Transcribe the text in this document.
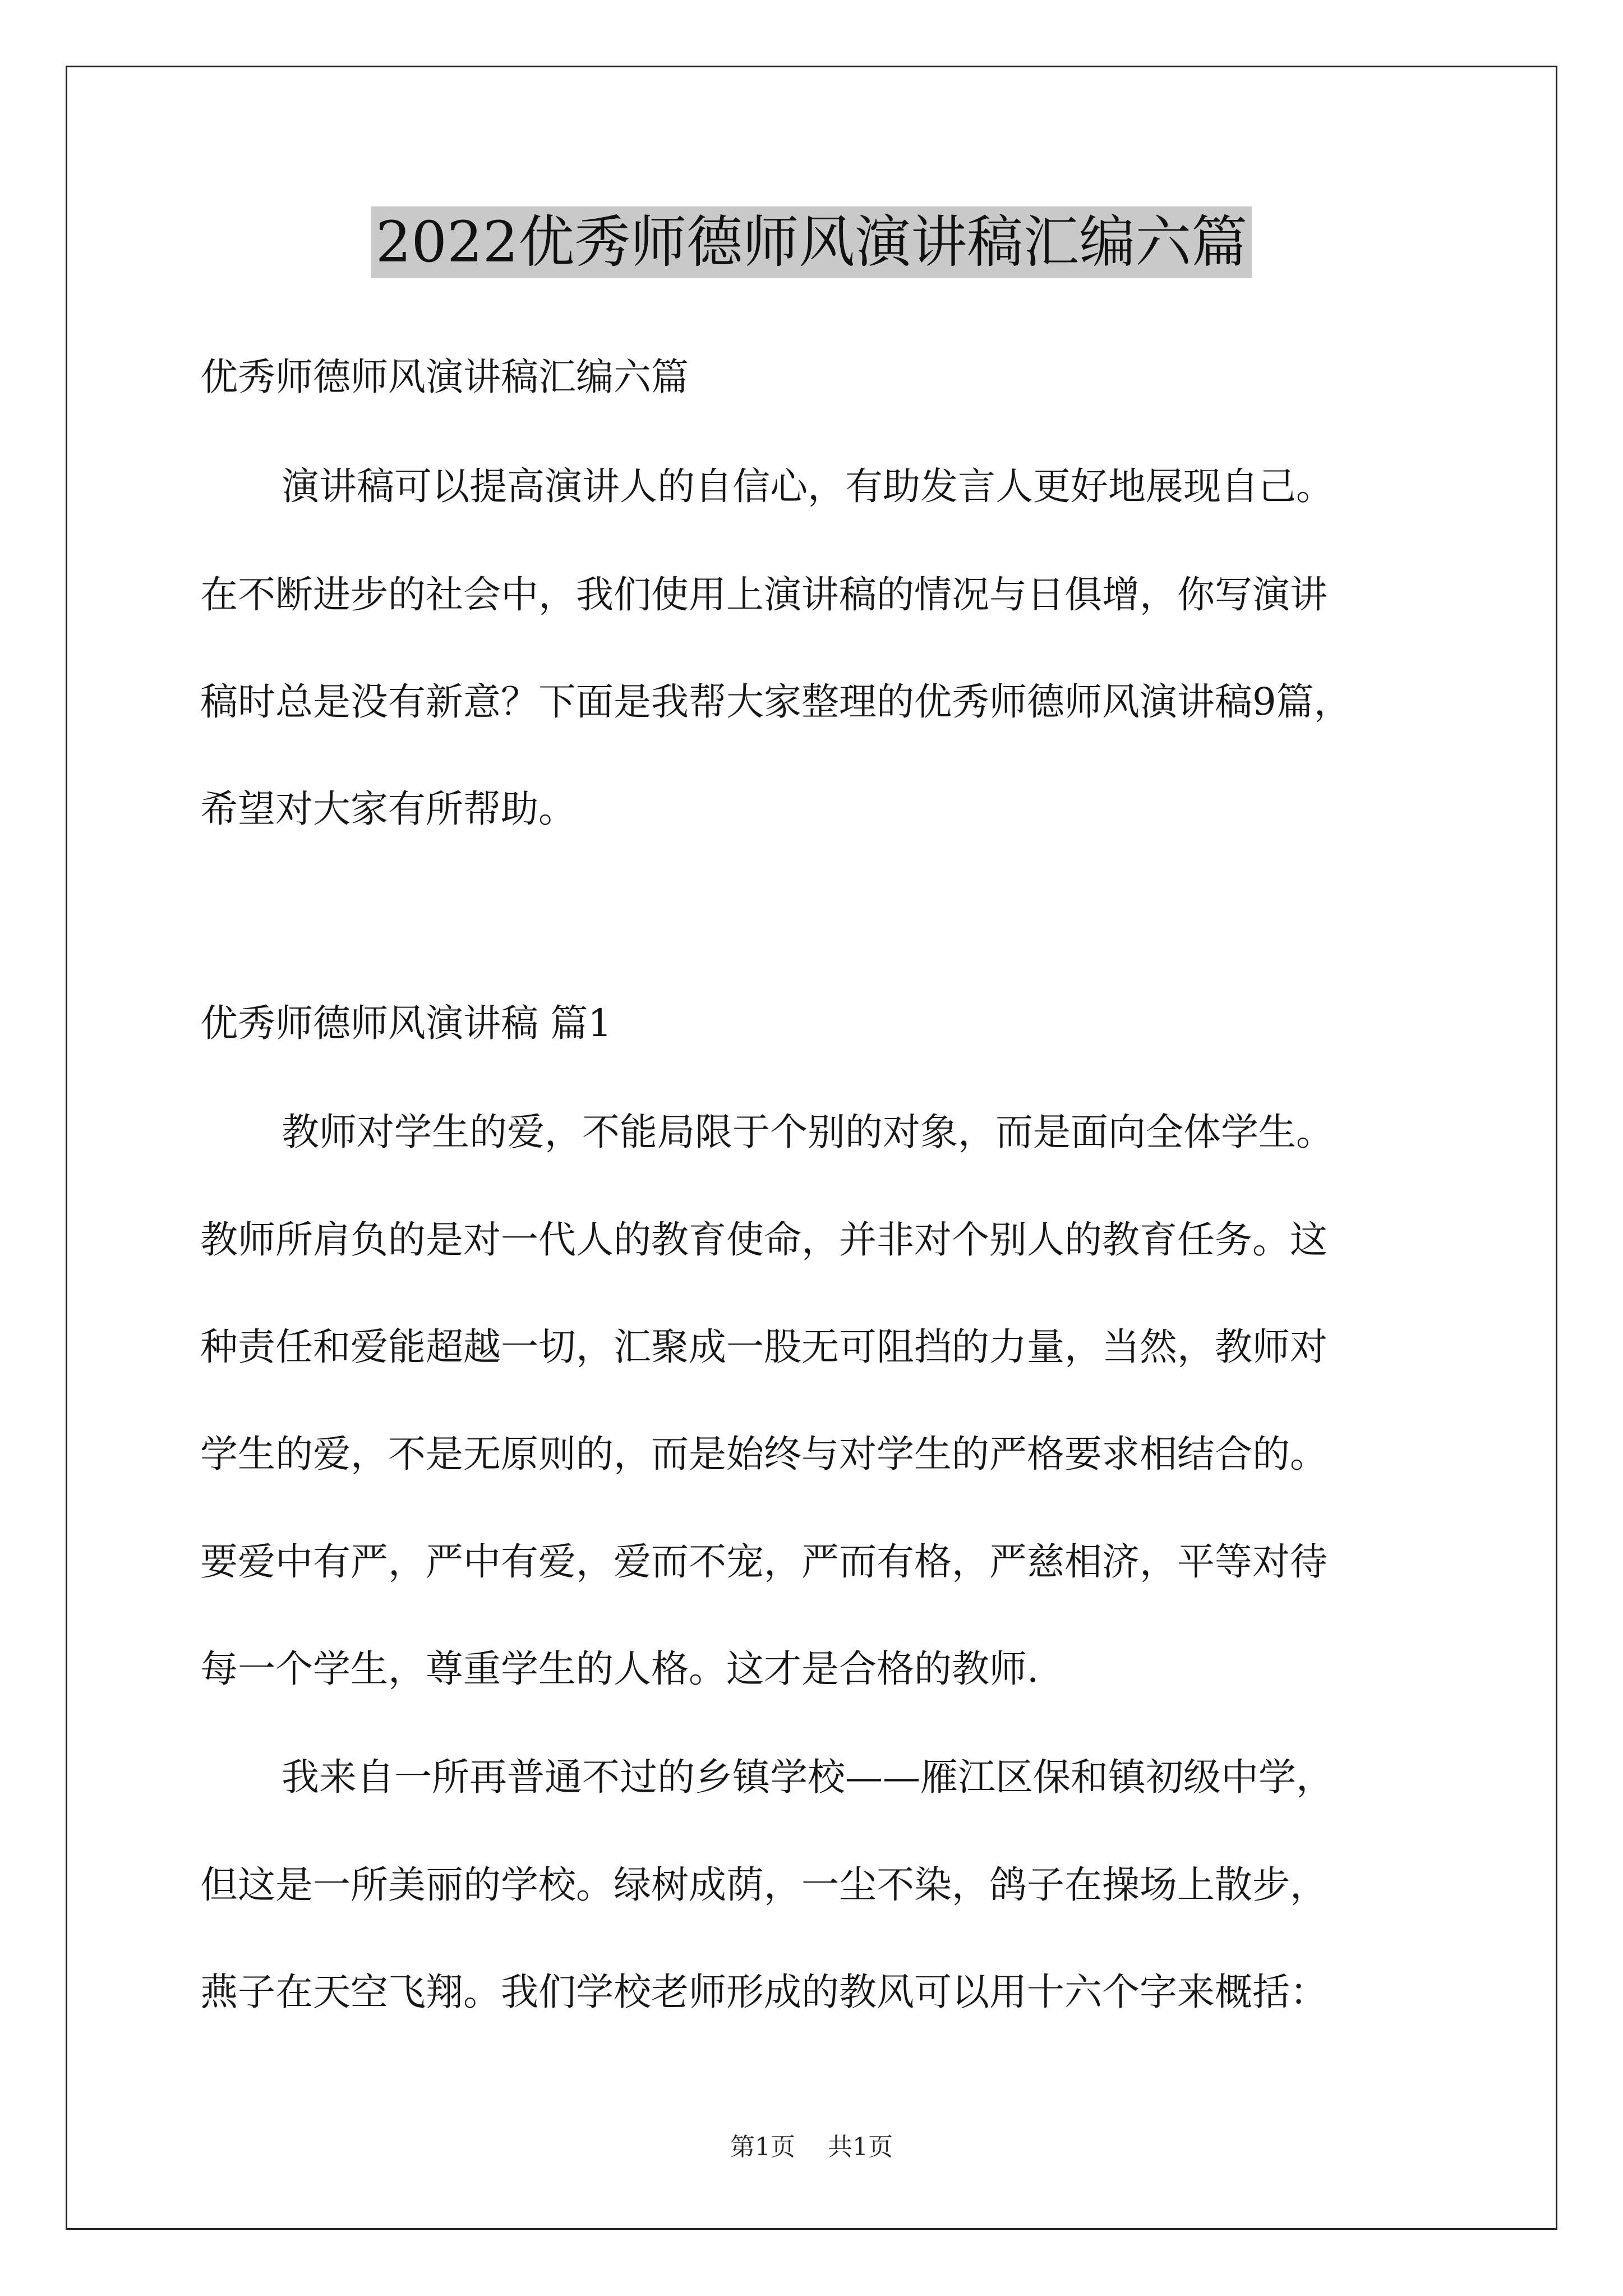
2022优秀师德师风演讲稿汇编六篇
优秀师德师风演讲稿汇编六篇
演讲稿可以提高演讲人的自信心，有助发言人更好地展现自己。
在不断进步的社会中，我们使用上演讲稿的情况与日俱增，你写演讲
稿时总是没有新意？下面是我帮大家整理的优秀师德师风演讲稿9篇，
希望对大家有所帮助。
优秀师德师风演讲稿 篇1
教师对学生的爱，不能局限于个别的对象，而是面向全体学生。
教师所肩负的是对一代人的教育使命，并非对个别人的教育任务。这
种责任和爱能超越一切，汇聚成一股无可阻挡的力量，当然，教师对
学生的爱，不是无原则的，而是始终与对学生的严格要求相结合的。
要爱中有严，严中有爱，爱而不宠，严而有格，严慈相济，平等对待
每一个学生，尊重学生的人格。这才是合格的教师.
我来自一所再普通不过的乡镇学校——雁江区保和镇初级中学，
但这是一所美丽的学校。绿树成荫，一尘不染，鸽子在操场上散步，
燕子在天空飞翔。我们学校老师形成的教风可以用十六个字来概括：
第1页 共1页
